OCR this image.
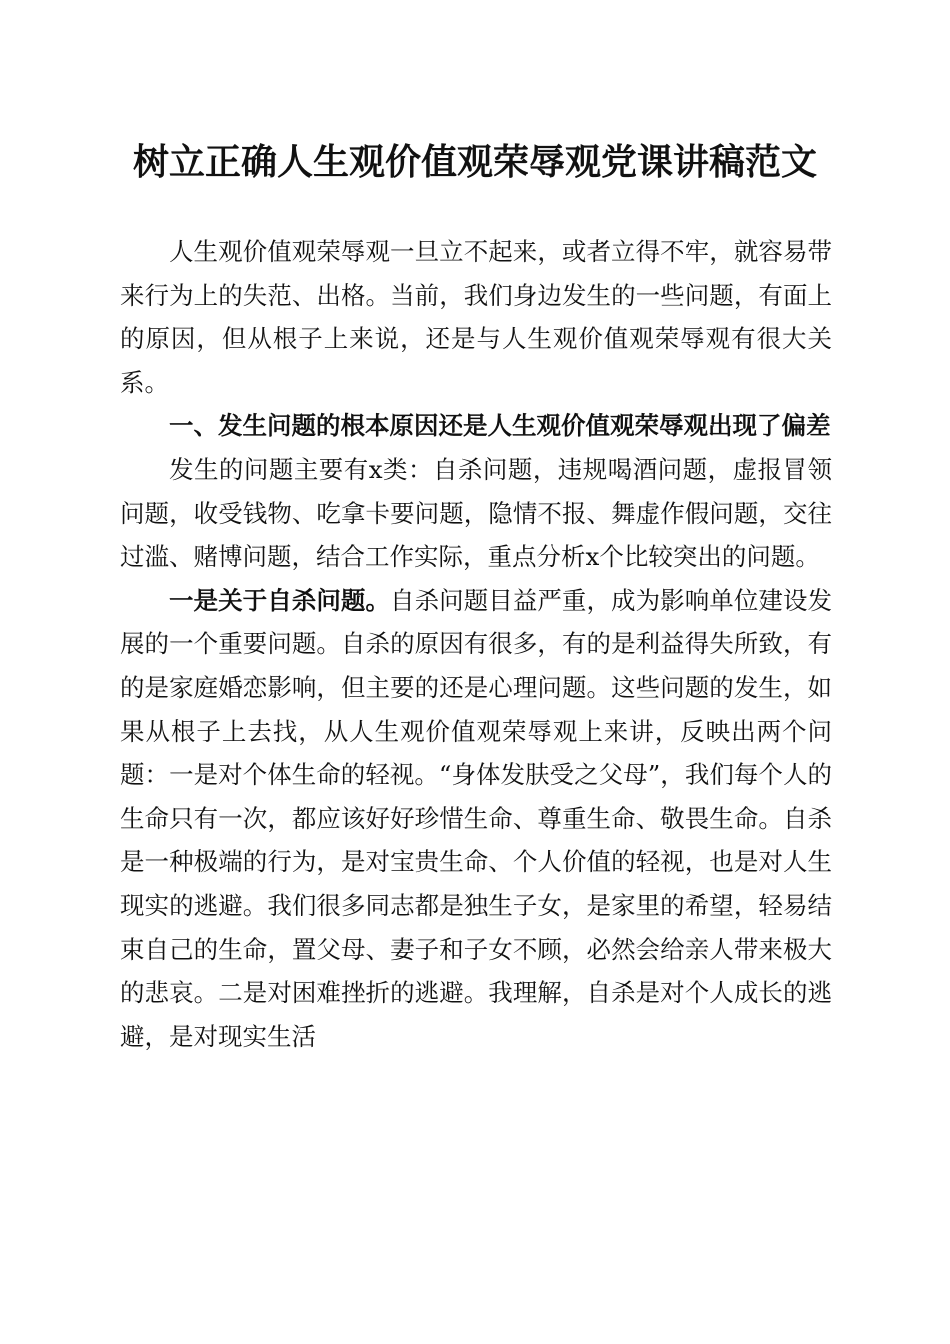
树立正确人生观价值观荣辱观党课讲稿范文

人生观价值观荣辱观一旦立不起来，或者立得不牢，就容易带来行为上的失范、出格。当前，我们身边发生的一些问题，有面上的原因，但从根子上来说，还是与人生观价值观荣辱观有很大关系。

一、发生问题的根本原因还是人生观价值观荣辱观出现了偏差

发生的问题主要有x类：自杀问题，违规喝酒问题，虚报冒领问题，收受钱物、吃拿卡要问题，隐情不报、舞虚作假问题，交往过滥、赌博问题，结合工作实际，重点分析x个比较突出的问题。

一是关于自杀问题。自杀问题目益严重，成为影响单位建设发展的一个重要问题。自杀的原因有很多，有的是利益得失所致，有的是家庭婚恋影响，但主要的还是心理问题。这些问题的发生，如果从根子上去找，从人生观价值观荣辱观上来讲，反映出两个问题：一是对个体生命的轻视。“身体发肤受之父母”，我们每个人的生命只有一次，都应该好好珍惜生命、尊重生命、敬畏生命。自杀是一种极端的行为，是对宝贵生命、个人价值的轻视，也是对人生现实的逃避。我们很多同志都是独生子女，是家里的希望，轻易结束自己的生命，置父母、妻子和子女不顾，必然会给亲人带来极大的悲哀。二是对困难挫折的逃避。我理解，自杀是对个人成长的逃避，是对现实生活
